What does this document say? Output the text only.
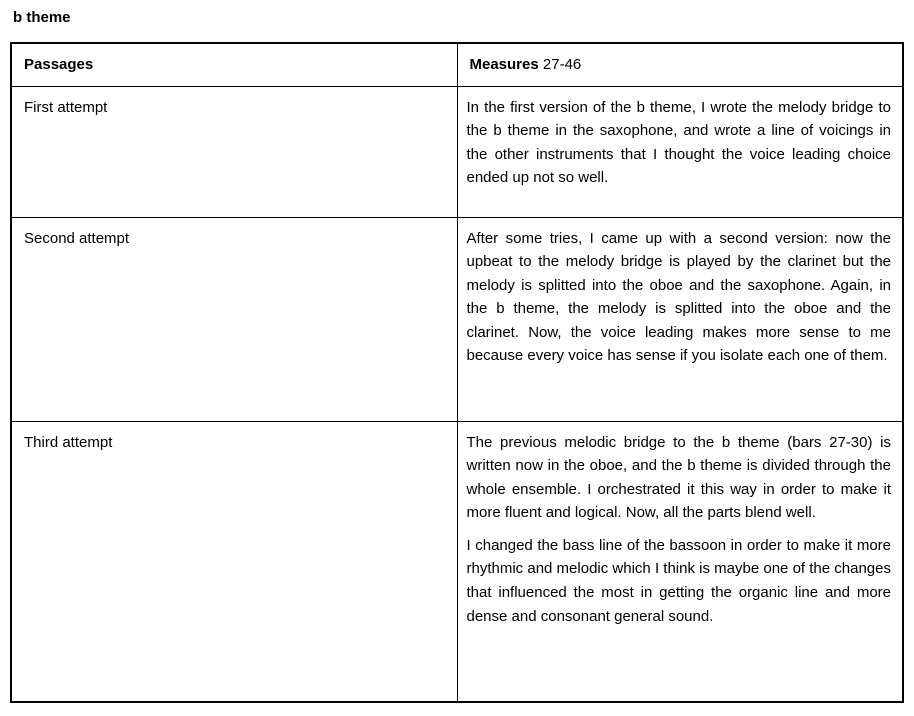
b theme
Passages	Measures 27-46
First attempt	In the first version of the b theme, I wrote the melody bridge to the b theme in the saxophone, and wrote a line of voicings in the other instruments that I thought the voice leading choice ended up not so well.

Second attempt	After some tries, I came up with a second version: now the upbeat to the melody bridge is played by the clarinet but the melody is splitted into the oboe and the saxophone. Again, in the b theme, the melody is splitted into the oboe and the clarinet. Now, the voice leading makes more sense to me because every voice has sense if you isolate each one of them.

Third attempt	The previous melodic bridge to the b theme (bars 27-30) is written now in the oboe, and the b theme is divided through the whole ensemble. I orchestrated it this way in order to make it more fluent and logical. Now, all the parts blend well.

I changed the bass line of the bassoon in order to make it more rhythmic and melodic which I think is maybe one of the changes that influenced the most in getting the organic line and more dense and consonant general sound.
